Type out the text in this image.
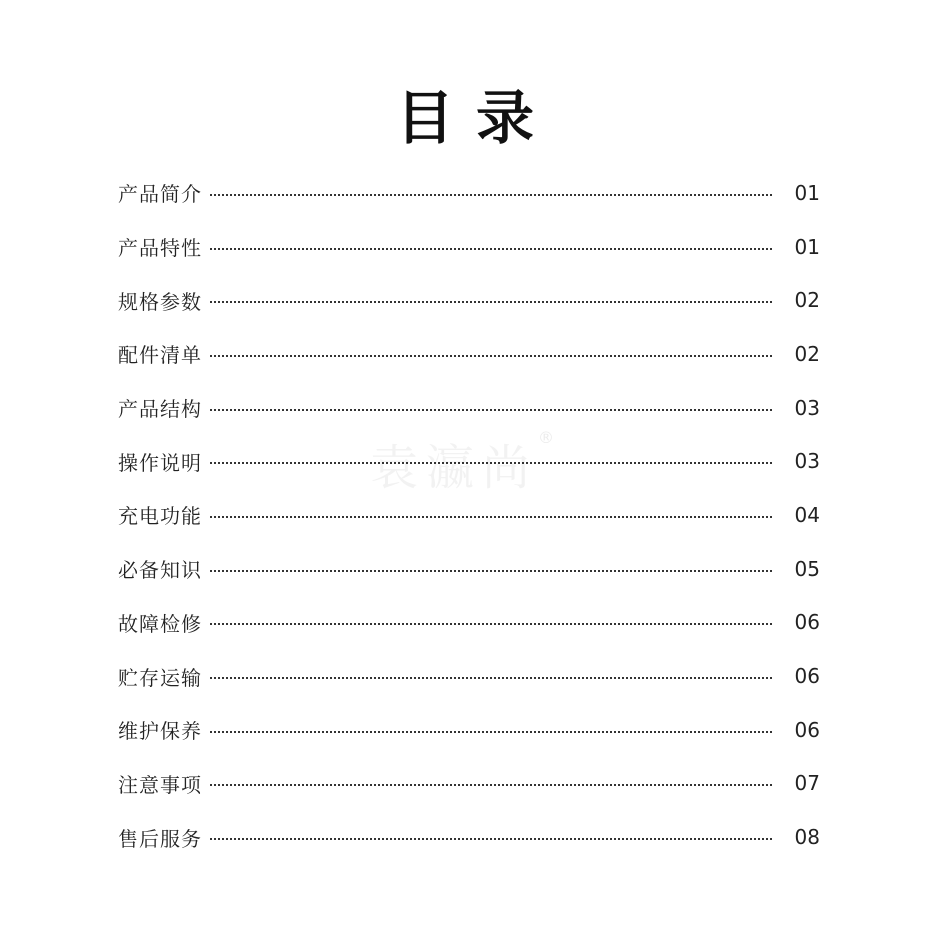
目录
产品简介	01
产品特性	01
规格参数	02
配件清单	02
产品结构	03
操作说明	03
充电功能	04
必备知识	05
故障检修	06
贮存运输	06
维护保养	06
注意事项	07
售后服务	08
袁瀛尚
®
